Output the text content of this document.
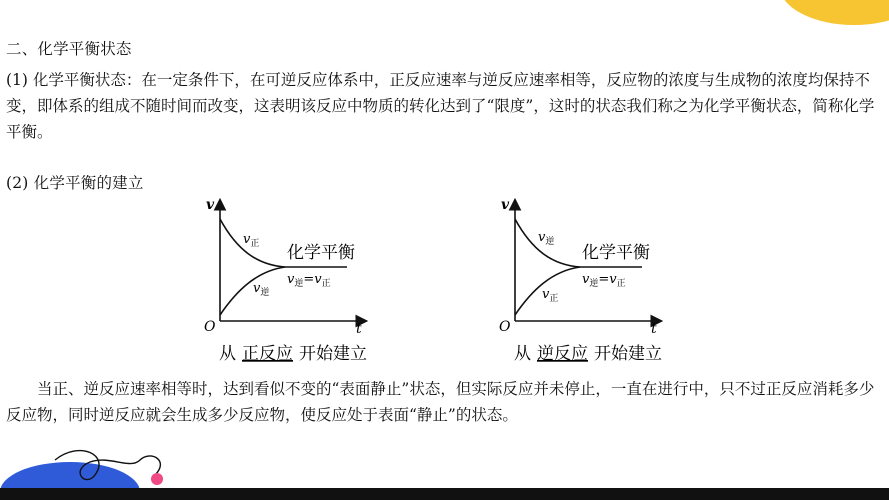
二、化学平衡状态
(1) 化学平衡状态：在一定条件下，在可逆反应体系中，正反应速率与逆反应速率相等，反应物的浓度与生成物的浓度均保持不变，即体系的组成不随时间而改变，这表明该反应中物质的转化达到了“限度”，这时的状态我们称之为化学平衡状态，简称化学平衡。
(2) 化学平衡的建立
v
O	t
$v_正$
$v_逆$
化学平衡
$v_逆=v_正$
从 正反应 开始建立
v
O	t
$v_逆$
$v_正$
化学平衡
$v_逆=v_正$
从 逆反应 开始建立
当正、逆反应速率相等时，达到看似不变的“表面静止”状态，但实际反应并未停止，一直在进行中，只不过正反应消耗多少反应物，同时逆反应就会生成多少反应物，使反应处于表面“静止”的状态。
